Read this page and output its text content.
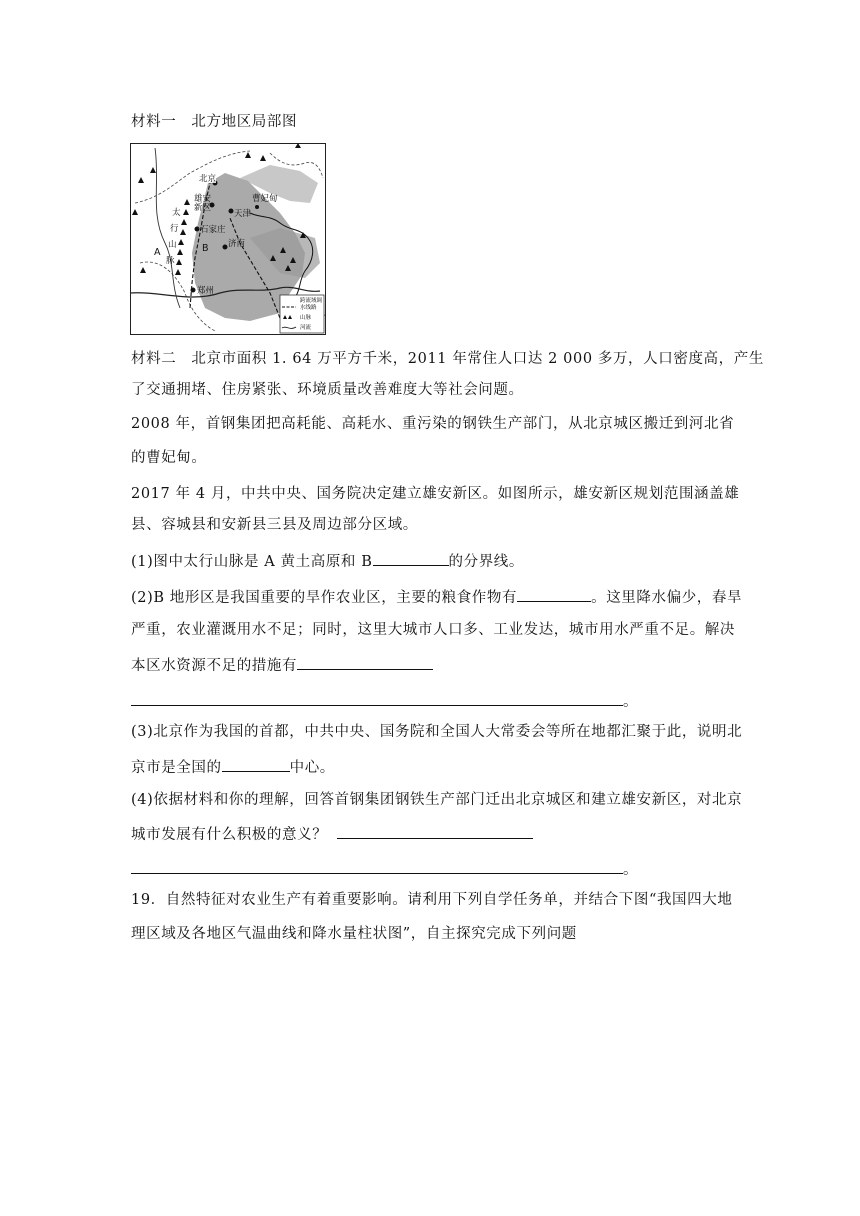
材料一　北方地区局部图
北京
雄安
新区
天津
曹妃甸
石家庄
济南
郑州
太
行
山
脉
A	B
跨流域调
水线路
山脉
河流
材料二　北京市面积 1. 64 万平方千米，2011 年常住人口达 2 000 多万，人口密度高，产生
了交通拥堵、住房紧张、环境质量改善难度大等社会问题。
2008 年，首钢集团把高耗能、高耗水、重污染的钢铁生产部门，从北京城区搬迁到河北省
的曹妃甸。
2017 年 4 月，中共中央、国务院决定建立雄安新区。如图所示，雄安新区规划范围涵盖雄
县、容城县和安新县三县及周边部分区域。
(1)图中太行山脉是 A 黄土高原和 B	的分界线。
(2)B 地形区是我国重要的旱作农业区，主要的粮食作物有	。这里降水偏少，春旱
严重，农业灌溉用水不足；同时，这里大城市人口多、工业发达，城市用水严重不足。解决
本区水资源不足的措施有
。
(3)北京作为我国的首都，中共中央、国务院和全国人大常委会等所在地都汇聚于此，说明北
京市是全国的	中心。
(4)依据材料和你的理解，回答首钢集团钢铁生产部门迁出北京城区和建立雄安新区，对北京
城市发展有什么积极的意义？
。
19．自然特征对农业生产有着重要影响。请利用下列自学任务单，并结合下图“我国四大地
理区域及各地区气温曲线和降水量柱状图”，自主探究完成下列问题
